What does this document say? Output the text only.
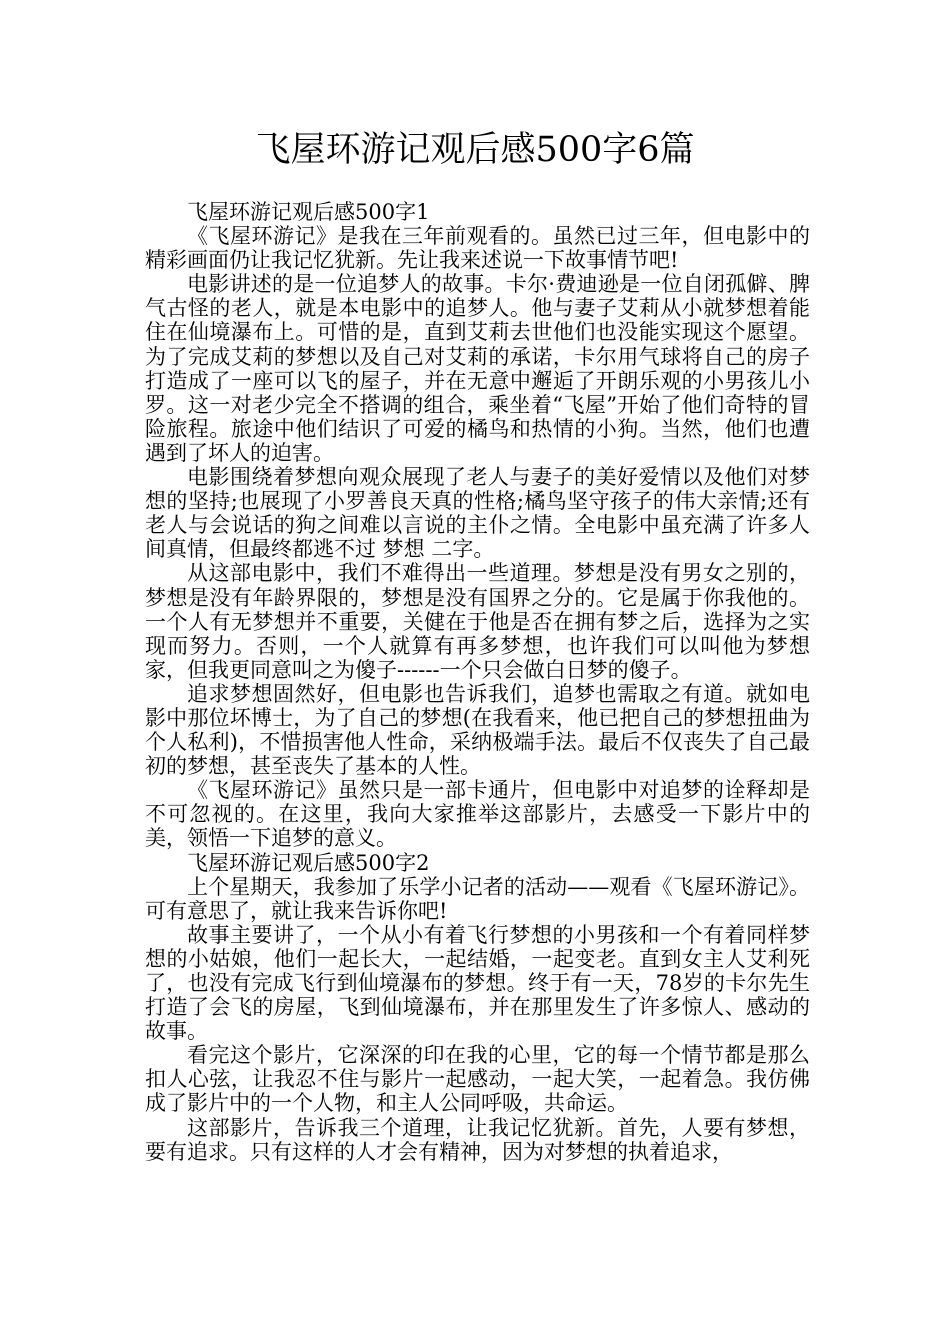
飞屋环游记观后感500字6篇

飞屋环游记观后感500字1

《飞屋环游记》是我在三年前观看的。虽然已过三年，但电影中的精彩画面仍让我记忆犹新。先让我来述说一下故事情节吧!

电影讲述的是一位追梦人的故事。卡尔·费迪逊是一位自闭孤僻、脾气古怪的老人，就是本电影中的追梦人。他与妻子艾莉从小就梦想着能住在仙境瀑布上。可惜的是，直到艾莉去世他们也没能实现这个愿望。为了完成艾莉的梦想以及自己对艾莉的承诺，卡尔用气球将自己的房子打造成了一座可以飞的屋子，并在无意中邂逅了开朗乐观的小男孩儿小罗。这一对老少完全不搭调的组合，乘坐着“飞屋”开始了他们奇特的冒险旅程。旅途中他们结识了可爱的橘鸟和热情的小狗。当然，他们也遭遇到了坏人的迫害。

电影围绕着梦想向观众展现了老人与妻子的美好爱情以及他们对梦想的坚持;也展现了小罗善良天真的性格;橘鸟坚守孩子的伟大亲情;还有老人与会说话的狗之间难以言说的主仆之情。全电影中虽充满了许多人间真情，但最终都逃不过 梦想 二字。

从这部电影中，我们不难得出一些道理。梦想是没有男女之别的，梦想是没有年龄界限的，梦想是没有国界之分的。它是属于你我他的。一个人有无梦想并不重要，关健在于他是否在拥有梦之后，选择为之实现而努力。否则，一个人就算有再多梦想，也许我们可以叫他为梦想家，但我更同意叫之为傻子------一个只会做白日梦的傻子。

追求梦想固然好，但电影也告诉我们，追梦也需取之有道。就如电影中那位坏博士，为了自己的梦想(在我看来，他已把自己的梦想扭曲为个人私利)，不惜损害他人性命，采纳极端手法。最后不仅丧失了自己最初的梦想，甚至丧失了基本的人性。

《飞屋环游记》虽然只是一部卡通片，但电影中对追梦的诠释却是不可忽视的。在这里，我向大家推举这部影片，去感受一下影片中的美，领悟一下追梦的意义。

飞屋环游记观后感500字2

上个星期天，我参加了乐学小记者的活动——观看《飞屋环游记》。可有意思了，就让我来告诉你吧!

故事主要讲了，一个从小有着飞行梦想的小男孩和一个有着同样梦想的小姑娘，他们一起长大，一起结婚，一起变老。直到女主人艾利死了，也没有完成飞行到仙境瀑布的梦想。终于有一天，78岁的卡尔先生打造了会飞的房屋，飞到仙境瀑布，并在那里发生了许多惊人、感动的故事。

看完这个影片，它深深的印在我的心里，它的每一个情节都是那么扣人心弦，让我忍不住与影片一起感动，一起大笑，一起着急。我仿佛成了影片中的一个人物，和主人公同呼吸，共命运。

这部影片，告诉我三个道理，让我记忆犹新。首先，人要有梦想，要有追求。只有这样的人才会有精神，因为对梦想的执着追求，
